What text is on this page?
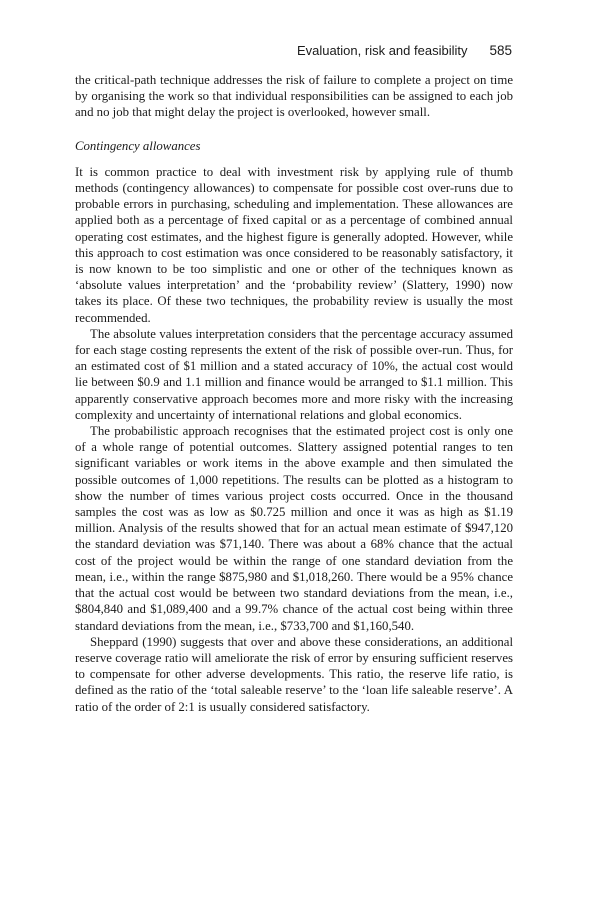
Evaluation, risk and feasibility 585

the critical-path technique addresses the risk of failure to complete a project on time by organising the work so that individual responsibilities can be assigned to each job and no job that might delay the project is overlooked, however small.

Contingency allowances

It is common practice to deal with investment risk by applying rule of thumb methods (contingency allowances) to compensate for possible cost over-runs due to probable errors in purchasing, scheduling and implementation. These allowances are applied both as a percentage of fixed capital or as a percentage of combined annual operating cost estimates, and the highest figure is generally adopted. However, while this approach to cost estimation was once considered to be reasonably satisfactory, it is now known to be too simplistic and one or other of the techniques known as ‘absolute values interpretation’ and the ‘probability review’ (Slattery, 1990) now takes its place. Of these two techniques, the probability review is usually the most recommended.

The absolute values interpretation considers that the percentage accuracy assumed for each stage costing represents the extent of the risk of possible over-run. Thus, for an estimated cost of $1 million and a stated accuracy of 10%, the actual cost would lie between $0.9 and 1.1 million and finance would be arranged to $1.1 million. This apparently conservative approach becomes more and more risky with the increasing complexity and uncertainty of international relations and global economics.

The probabilistic approach recognises that the estimated project cost is only one of a whole range of potential outcomes. Slattery assigned potential ranges to ten significant variables or work items in the above example and then simulated the possible outcomes of 1,000 repetitions. The results can be plotted as a histogram to show the number of times various project costs occurred. Once in the thousand samples the cost was as low as $0.725 million and once it was as high as $1.19 million. Analysis of the results showed that for an actual mean estimate of $947,120 the standard deviation was $71,140. There was about a 68% chance that the actual cost of the project would be within the range of one standard deviation from the mean, i.e., within the range $875,980 and $1,018,260. There would be a 95% chance that the actual cost would be between two standard deviations from the mean, i.e., $804,840 and $1,089,400 and a 99.7% chance of the actual cost being within three standard deviations from the mean, i.e., $733,700 and $1,160,540.

Sheppard (1990) suggests that over and above these considerations, an additional reserve coverage ratio will ameliorate the risk of error by ensuring sufficient reserves to compensate for other adverse developments. This ratio, the reserve life ratio, is defined as the ratio of the ‘total saleable reserve’ to the ‘loan life saleable reserve’. A ratio of the order of 2:1 is usually considered satisfactory.
